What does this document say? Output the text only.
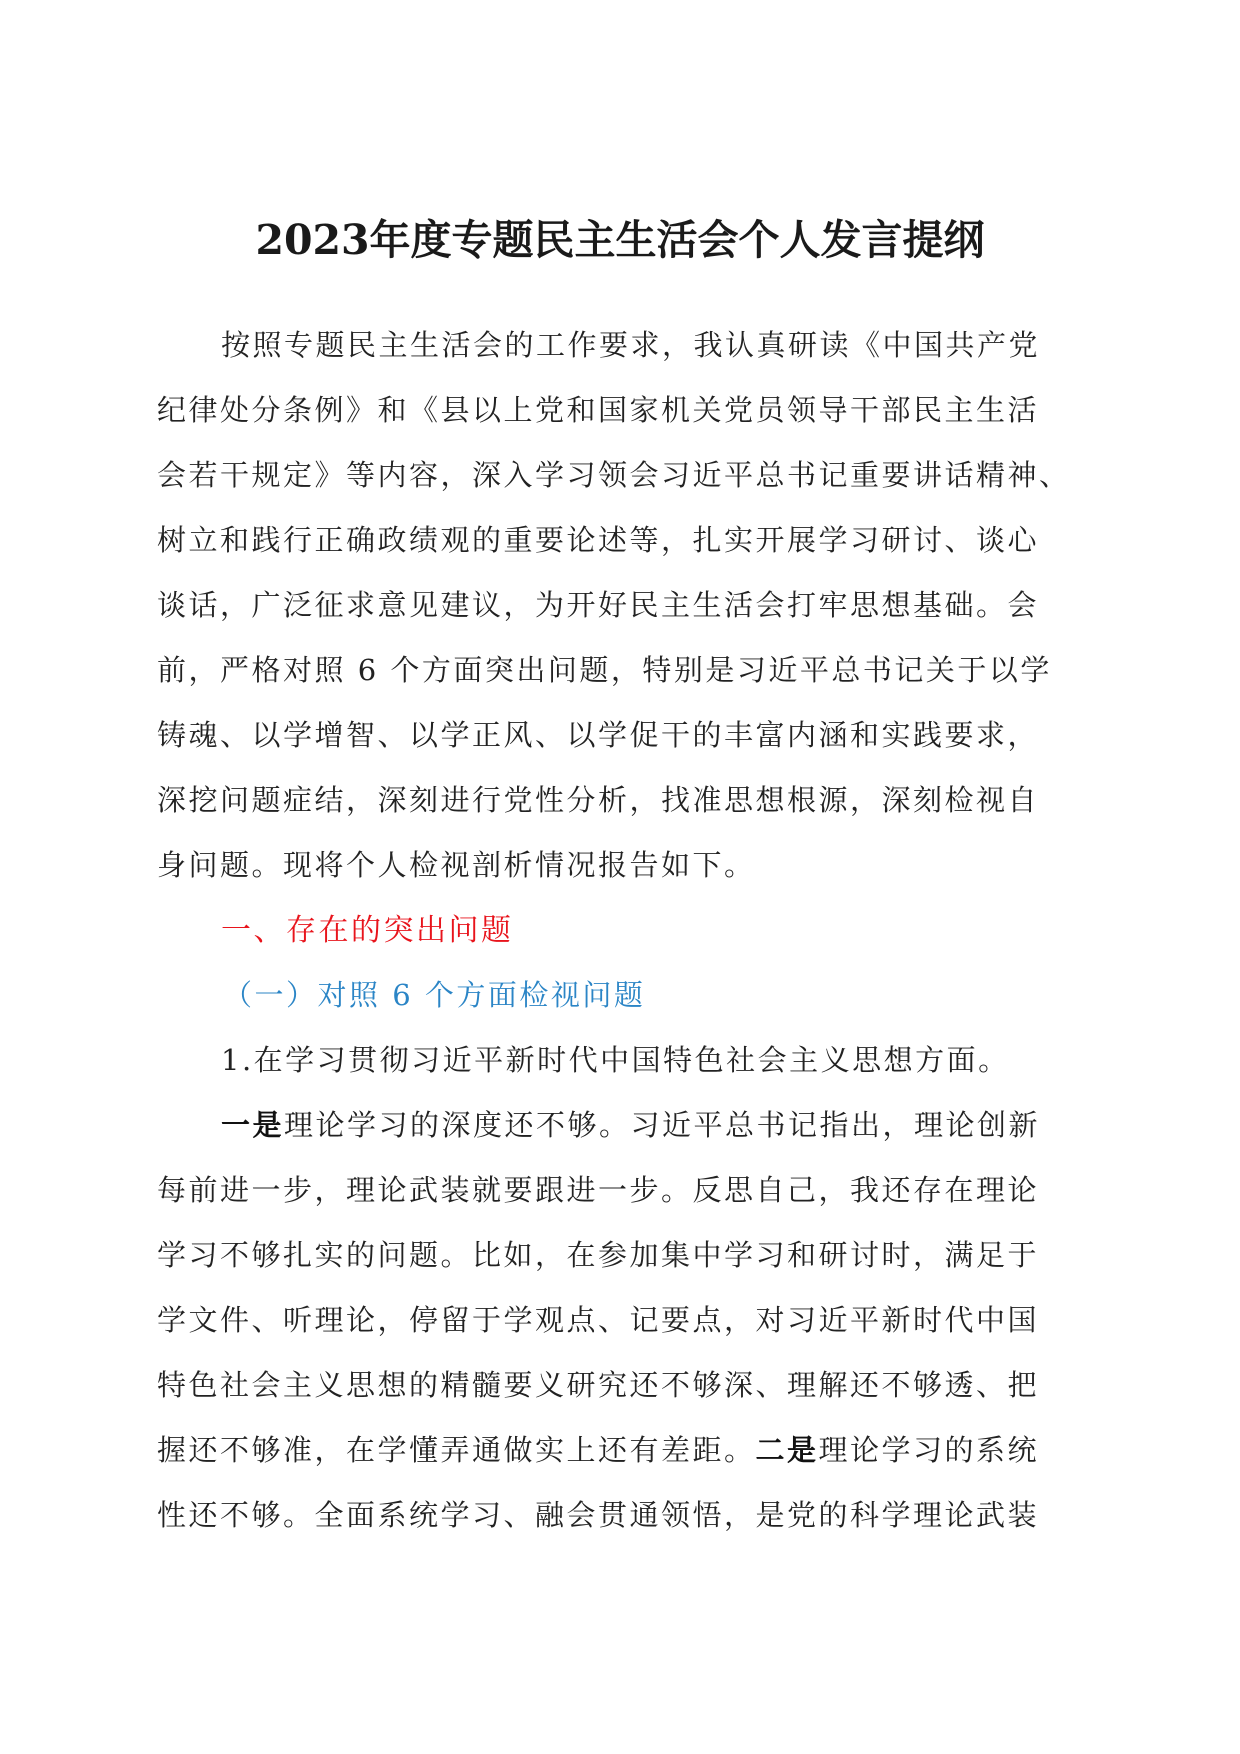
2023年度专题民主生活会个人发言提纲

按照专题民主生活会的工作要求，我认真研读《中国共产党
纪律处分条例》和《县以上党和国家机关党员领导干部民主生活
会若干规定》等内容，深入学习领会习近平总书记重要讲话精神、
树立和践行正确政绩观的重要论述等，扎实开展学习研讨、谈心
谈话，广泛征求意见建议，为开好民主生活会打牢思想基础。会
前，严格对照 6 个方面突出问题，特别是习近平总书记关于以学
铸魂、以学增智、以学正风、以学促干的丰富内涵和实践要求，
深挖问题症结，深刻进行党性分析，找准思想根源，深刻检视自
身问题。现将个人检视剖析情况报告如下。

一、存在的突出问题

（一）对照 6 个方面检视问题

1.在学习贯彻习近平新时代中国特色社会主义思想方面。

一是理论学习的深度还不够。习近平总书记指出，理论创新
每前进一步，理论武装就要跟进一步。反思自己，我还存在理论
学习不够扎实的问题。比如，在参加集中学习和研讨时，满足于
学文件、听理论，停留于学观点、记要点，对习近平新时代中国
特色社会主义思想的精髓要义研究还不够深、理解还不够透、把
握还不够准，在学懂弄通做实上还有差距。二是理论学习的系统
性还不够。全面系统学习、融会贯通领悟，是党的科学理论武装
